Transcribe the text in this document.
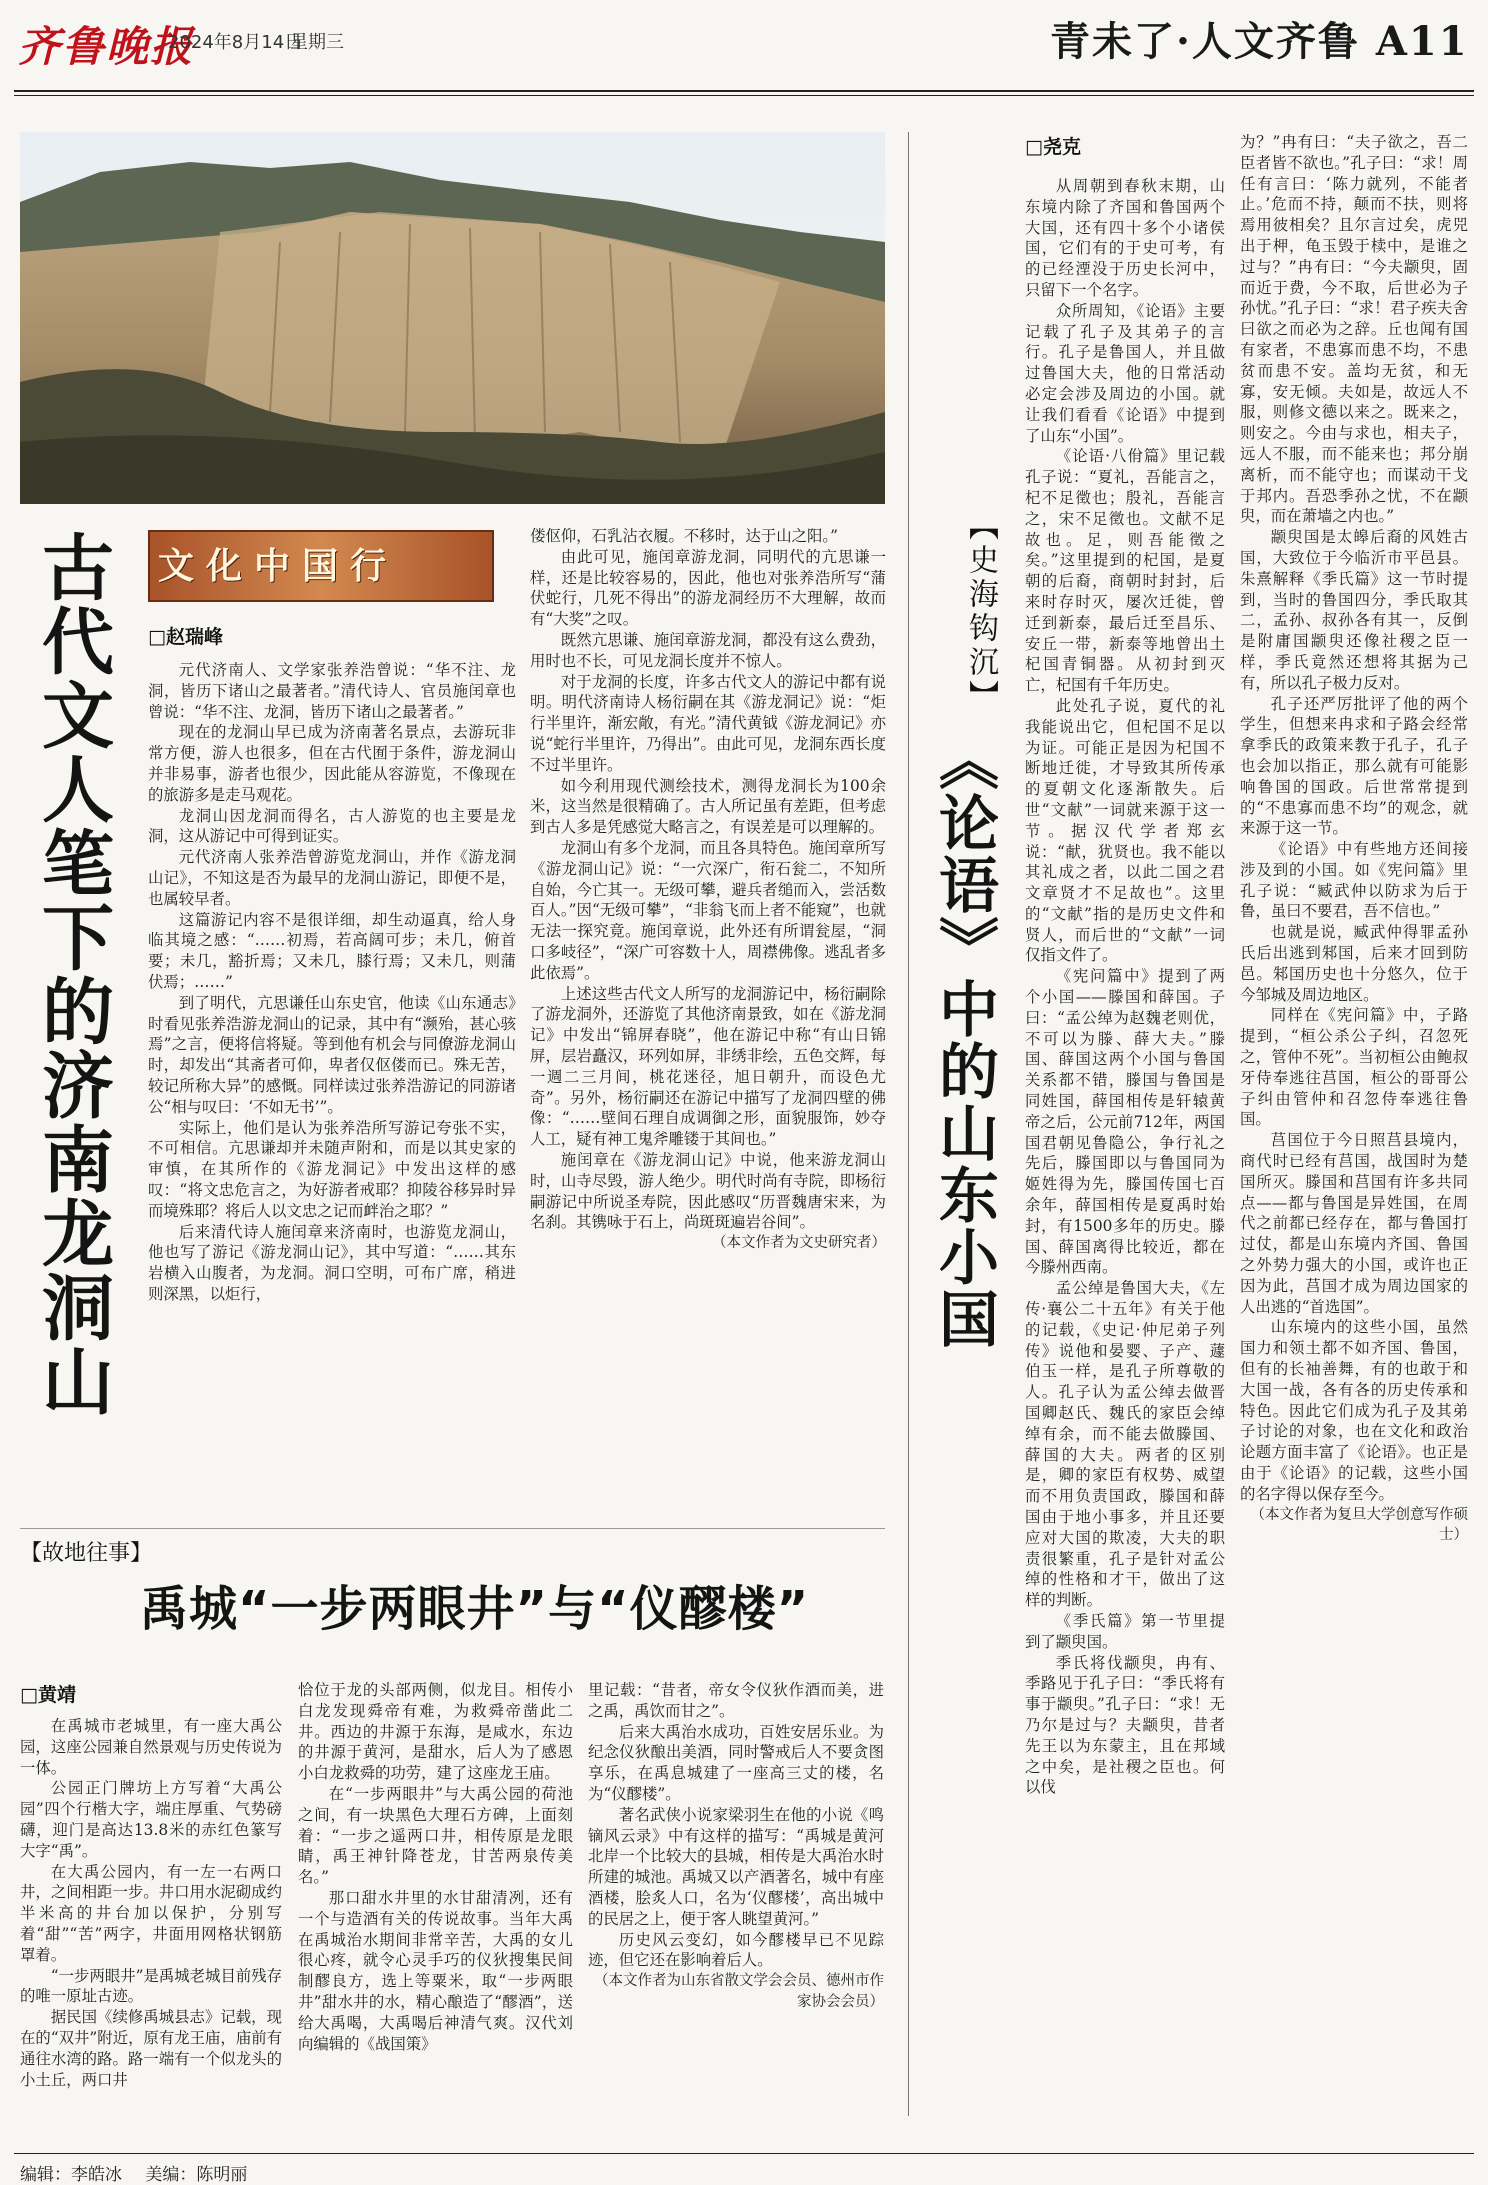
齐鲁晚报
2024年8月14日
星期三	青未了·人文齐鲁 A11
古代文人笔下的济南龙洞山 文化中国行
□赵瑞峰

元代济南人、文学家张养浩曾说：“华不注、龙洞，皆历下诸山之最著者。”清代诗人、官员施闰章也曾说：“华不注、龙洞，皆历下诸山之最著者。”

现在的龙洞山早已成为济南著名景点，去游玩非常方便，游人也很多，但在古代囿于条件，游龙洞山并非易事，游者也很少，因此能从容游览，不像现在的旅游多是走马观花。

龙洞山因龙洞而得名，古人游览的也主要是龙洞，这从游记中可得到证实。

元代济南人张养浩曾游览龙洞山，并作《游龙洞山记》，不知这是否为最早的龙洞山游记，即便不是，也属较早者。

这篇游记内容不是很详细，却生动逼真，给人身临其境之感：“……初焉，若高阔可步；未几，俯首要；未几，豁折焉；又未几，膝行焉；又未几，则蒲伏焉；……”

到了明代，亢思谦任山东史官，他读《山东通志》时看见张养浩游龙洞山的记录，其中有“濒殆，甚心骇焉”之言，便将信将疑。等到他有机会与同僚游龙洞山时，却发出“其斋者可仰，卑者仅伛偻而已。殊无苦，较记所称大异”的感慨。同样读过张养浩游记的同游诸公“相与叹曰：‘不如无书’”。

实际上，他们是认为张养浩所写游记夸张不实，不可相信。亢思谦却并未随声附和，而是以其史家的审慎，在其所作的《游龙洞记》中发出这样的感叹：“将文忠危言之，为好游者戒耶？抑陵谷移异时异而境殊耶？将后人以文忠之记而衅治之耶？”

后来清代诗人施闰章来济南时，也游览龙洞山，他也写了游记《游龙洞山记》，其中写道：“……其东岩横入山腹者，为龙洞。洞口空明，可布广席，稍进则深黑，以炬行，

偻伛仰，石乳沾衣履。不移时，达于山之阳。”

由此可见，施闰章游龙洞，同明代的亢思谦一样，还是比较容易的，因此，他也对张养浩所写“蒲伏蛇行，几死不得出”的游龙洞经历不大理解，故而有“大奖”之叹。

既然亢思谦、施闰章游龙洞，都没有这么费劲，用时也不长，可见龙洞长度并不惊人。

对于龙洞的长度，许多古代文人的游记中都有说明。明代济南诗人杨衍嗣在其《游龙洞记》说：“炬行半里许，渐宏敞，有光。”清代黄钺《游龙洞记》亦说“蛇行半里许，乃得出”。由此可见，龙洞东西长度不过半里许。

如今利用现代测绘技术，测得龙洞长为100余米，这当然是很精确了。古人所记虽有差距，但考虑到古人多是凭感觉大略言之，有误差是可以理解的。

龙洞山有多个龙洞，而且各具特色。施闰章所写《游龙洞山记》说：“一穴深广，衔石瓮二，不知所自始，今亡其一。无级可攀，避兵者缒而入，尝活数百人。”因“无级可攀”，“非翁飞而上者不能窥”，也就无法一探究竟。施闰章说，此外还有所谓瓮屋，“洞口多岐径”，“深广可容数十人，周襟佛像。逃乱者多此依焉”。

上述这些古代文人所写的龙洞游记中，杨衍嗣除了游龙洞外，还游览了其他济南景致，如在《游龙洞记》中发出“锦屏春晓”，他在游记中称“有山日锦屏，层岩矗汉，环列如屏，非绣非绘，五色交辉，每一週二三月间，桃花迷径，旭日朝升，而设色尤奇”。另外，杨衍嗣还在游记中描写了龙洞四壁的佛像：“……壁间石理自成调御之形，面貌服饰，妙夺人工，疑有神工鬼斧雕镂于其间也。”

施闰章在《游龙洞山记》中说，他来游龙洞山时，山寺尽毁，游人绝少。明代时尚有寺院，即杨衍嗣游记中所说圣寿院，因此感叹“历晋魏唐宋来，为名刹。其镌咏于石上，尚斑斑遍岩谷间”。

（本文作者为文史研究者）

【史海钩沉】
《论语》中的山东小国
□尧克

从周朝到春秋末期，山东境内除了齐国和鲁国两个大国，还有四十多个小诸侯国，它们有的于史可考，有的已经湮没于历史长河中，只留下一个名字。

众所周知，《论语》主要记载了孔子及其弟子的言行。孔子是鲁国人，并且做过鲁国大夫，他的日常活动必定会涉及周边的小国。就让我们看看《论语》中提到了山东“小国”。

《论语·八佾篇》里记载孔子说：“夏礼，吾能言之，杞不足徵也；殷礼，吾能言之，宋不足徵也。文献不足故也。足，则吾能徵之矣。”这里提到的杞国，是夏朝的后裔，商朝时封封，后来时存时灭，屡次迁徙，曾迁到新泰，最后迁至昌乐、安丘一带，新泰等地曾出土杞国青铜器。从初封到灭亡，杞国有千年历史。

此处孔子说，夏代的礼我能说出它，但杞国不足以为证。可能正是因为杞国不断地迁徙，才导致其所传承的夏朝文化逐渐散失。后世“文献”一词就来源于这一节。据汉代学者郑玄说：“献，犹贤也。我不能以其礼成之者，以此二国之君文章贤才不足故也”。这里的“文献”指的是历史文件和贤人，而后世的“文献”一词仅指文件了。

《宪问篇中》提到了两个小国——滕国和薛国。子曰：“孟公绰为赵魏老则优，不可以为滕、薛大夫。”滕国、薛国这两个小国与鲁国关系都不错，滕国与鲁国是同姓国，薛国相传是轩辕黄帝之后，公元前712年，两国国君朝见鲁隐公，争行礼之先后，滕国即以与鲁国同为姬姓得为先，滕国传国七百余年，薛国相传是夏禹时始封，有1500多年的历史。滕国、薛国离得比较近，都在今滕州西南。

孟公绰是鲁国大夫，《左传·襄公二十五年》有关于他的记载，《史记·仲尼弟子列传》说他和晏婴、子产、蘧伯玉一样，是孔子所尊敬的人。孔子认为孟公绰去做晋国卿赵氏、魏氏的家臣会绰绰有余，而不能去做滕国、薛国的大夫。两者的区别是，卿的家臣有权势、威望而不用负责国政，滕国和薛国由于地小事多，并且还要应对大国的欺凌，大夫的职责很繁重，孔子是针对孟公绰的性格和才干，做出了这样的判断。

《季氏篇》第一节里提到了颛臾国。

季氏将伐颛臾，冉有、季路见于孔子曰：“季氏将有事于颛臾。”孔子曰：“求！无乃尔是过与？夫颛臾，昔者先王以为东蒙主，且在邦域之中矣，是社稷之臣也。何以伐

为？”冉有曰：“夫子欲之，吾二臣者皆不欲也。”孔子曰：“求！周任有言曰：‘陈力就列，不能者止。’危而不持，颠而不扶，则将焉用彼相矣？且尔言过矣，虎兕出于柙，龟玉毁于椟中，是谁之过与？”冉有曰：“今夫颛臾，固而近于费，今不取，后世必为子孙忧。”孔子曰：“求！君子疾夫舍曰欲之而必为之辞。丘也闻有国有家者，不患寡而患不均，不患贫而患不安。盖均无贫，和无寡，安无倾。夫如是，故远人不服，则修文德以来之。既来之，则安之。今由与求也，相夫子，远人不服，而不能来也；邦分崩离析，而不能守也；而谋动干戈于邦内。吾恐季孙之忧，不在颛臾，而在萧墙之内也。”

颛臾国是太皞后裔的风姓古国，大致位于今临沂市平邑县。朱熹解释《季氏篇》这一节时提到，当时的鲁国四分，季氏取其二，孟孙、叔孙各有其一，反倒是附庸国颛臾还像社稷之臣一样，季氏竟然还想将其据为己有，所以孔子极力反对。

孔子还严厉批评了他的两个学生，但想来冉求和子路会经常拿季氏的政策来教于孔子，孔子也会加以指正，那么就有可能影响鲁国的国政。后世常常提到的“不患寡而患不均”的观念，就来源于这一节。

《论语》中有些地方还间接涉及到的小国。如《宪问篇》里孔子说：“臧武仲以防求为后于鲁，虽曰不要君，吾不信也。”

也就是说，臧武仲得罪孟孙氏后出逃到邾国，后来才回到防邑。邾国历史也十分悠久，位于今邹城及周边地区。

同样在《宪问篇》中，子路提到，“桓公杀公子纠，召忽死之，管仲不死”。当初桓公由鲍叔牙侍奉逃往莒国，桓公的哥哥公子纠由管仲和召忽侍奉逃往鲁国。

莒国位于今日照莒县境内，商代时已经有莒国，战国时为楚国所灭。滕国和莒国有许多共同点——都与鲁国是异姓国，在周代之前都已经存在，都与鲁国打过仗，都是山东境内齐国、鲁国之外势力强大的小国，或许也正因为此，莒国才成为周边国家的人出逃的“首选国”。

山东境内的这些小国，虽然国力和领土都不如齐国、鲁国，但有的长袖善舞，有的也敢于和大国一战，各有各的历史传承和特色。因此它们成为孔子及其弟子讨论的对象，也在文化和政治论题方面丰富了《论语》。也正是由于《论语》的记载，这些小国的名字得以保存至今。

（本文作者为复旦大学创意写作硕士）

【故地往事】
禹城“一步两眼井”与“仪醪楼”
□黄靖

在禹城市老城里，有一座大禹公园，这座公园兼自然景观与历史传说为一体。

公园正门牌坊上方写着“大禹公园”四个行楷大字，端庄厚重、气势磅礴，迎门是高达13.8米的赤红色篆写大字“禹”。

在大禹公园内，有一左一右两口井，之间相距一步。井口用水泥砌成约半米高的井台加以保护，分别写着“甜”“苦”两字，井面用网格状钢筋罩着。

“一步两眼井”是禹城老城目前残存的唯一原址古迹。

据民国《续修禹城县志》记载，现在的“双井”附近，原有龙王庙，庙前有通往水湾的路。路一端有一个似龙头的小土丘，两口井

恰位于龙的头部两侧，似龙目。相传小白龙发现舜帝有难，为救舜帝凿此二井。西边的井源于东海，是咸水，东边的井源于黄河，是甜水，后人为了感恩小白龙救舜的功劳，建了这座龙王庙。

在“一步两眼井”与大禹公园的荷池之间，有一块黑色大理石方碑，上面刻着：“一步之遥两口井，相传原是龙眼睛，禹王神针降苍龙，甘苦两泉传美名。”

那口甜水井里的水甘甜清冽，还有一个与造酒有关的传说故事。当年大禹在禹城治水期间非常辛苦，大禹的女儿很心疼，就令心灵手巧的仪狄搜集民间制醪良方，选上等粟米，取“一步两眼井”甜水井的水，精心酿造了“醪酒”，送给大禹喝，大禹喝后神清气爽。汉代刘向编辑的《战国策》

里记载：“昔者，帝女令仪狄作酒而美，进之禹，禹饮而甘之”。

后来大禹治水成功，百姓安居乐业。为纪念仪狄酿出美酒，同时警戒后人不要贪图享乐，在禹息城建了一座高三丈的楼，名为“仪醪楼”。

著名武侠小说家梁羽生在他的小说《鸣镝风云录》中有这样的描写：“禹城是黄河北岸一个比较大的县城，相传是大禹治水时所建的城池。禹城又以产酒著名，城中有座酒楼，脍炙人口，名为‘仪醪楼’，高出城中的民居之上，便于客人眺望黄河。”

历史风云变幻，如今醪楼早已不见踪迹，但它还在影响着后人。

（本文作者为山东省散文学会会员、德州市作家协会会员）

编辑：李皓冰 美编：陈明丽
